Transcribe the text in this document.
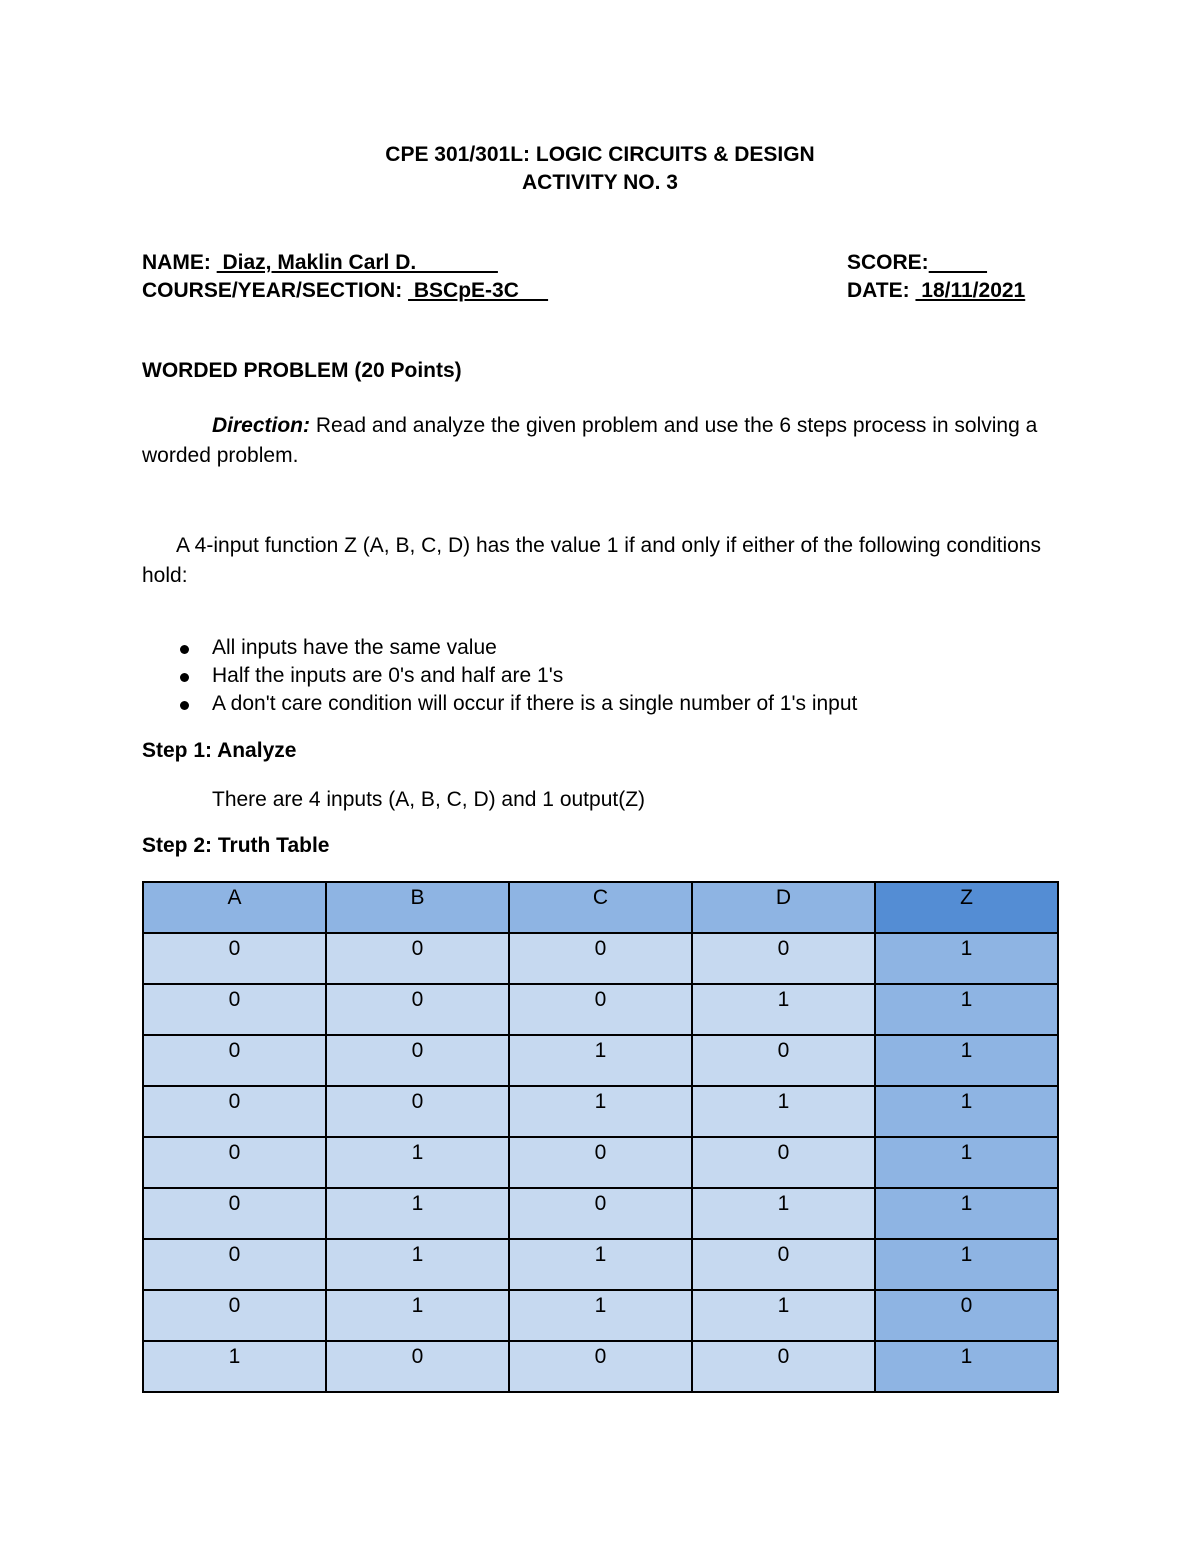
CPE 301/301L: LOGIC CIRCUITS & DESIGN
ACTIVITY NO. 3
NAME:  Diaz, Maklin Carl D.
COURSE/YEAR/SECTION:  BSCpE-3C
SCORE:
DATE:  18/11/2021
WORDED PROBLEM (20 Points)
Direction: Read and analyze the given problem and use the 6 steps process in solving a worded problem.
A 4-input function Z (A, B, C, D) has the value 1 if and only if either of the following conditions hold:
All inputs have the same value
Half the inputs are 0's and half are 1's
A don't care condition will occur if there is a single number of 1's input
Step 1: Analyze
There are 4 inputs (A, B, C, D) and 1 output(Z)
Step 2: Truth Table
A	B	C	D	Z
0	0	0	0	1
0	0	0	1	1
0	0	1	0	1
0	0	1	1	1
0	1	0	0	1
0	1	0	1	1
0	1	1	0	1
0	1	1	1	0
1	0	0	0	1
